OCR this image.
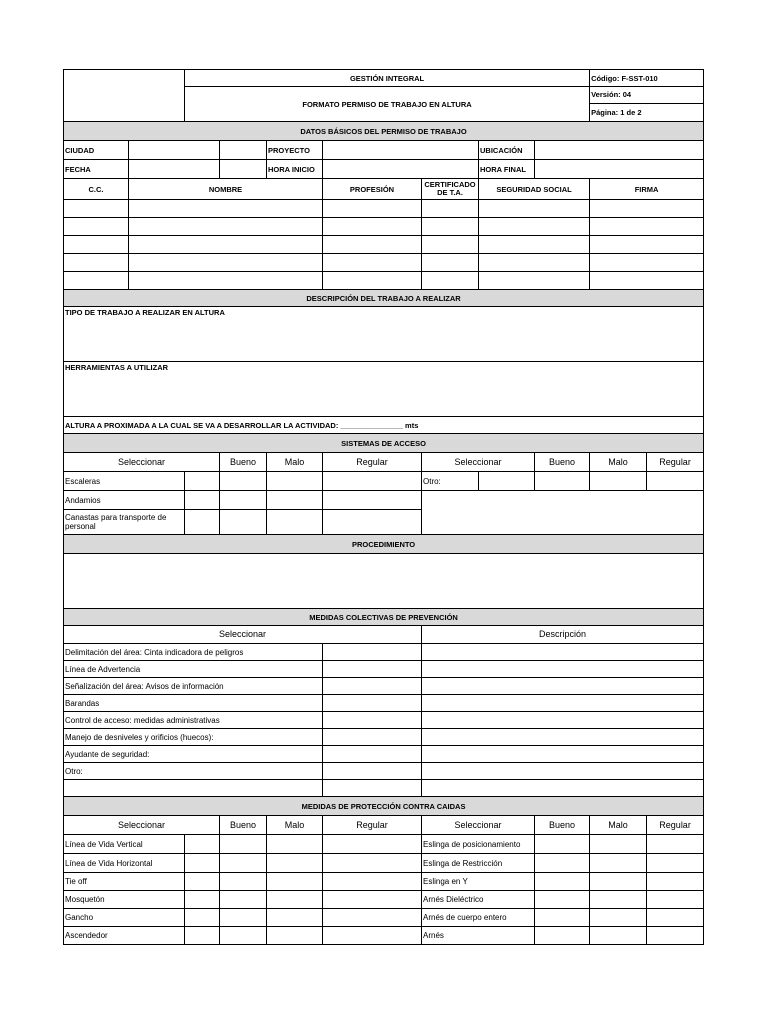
		GESTIÓN INTEGRAL							Código: F-SST-010	
		FORMATO PERMISO DE TRABAJO EN ALTURA							Versión: 04
Página: 1 de 2	

DATOS BÁSICOS DEL PERMISO DE TRABAJO										
CIUDAD				PROYECTO			UBICACIÓN			
FECHA				HORA INICIO			HORA FINAL			
C.C.	NOMBRE				PROFESIÓN	CERTIFICADO DE T.A.	SEGURIDAD SOCIAL		FIRMA	

DESCRIPCIÓN DEL TRABAJO A REALIZAR										
TIPO DE TRABAJO A REALIZAR EN ALTURA										
HERRAMIENTAS A UTILIZAR										
ALTURA A PROXIMADA A LA CUAL SE VA A DESARROLLAR LA ACTIVIDAD: _______________ mts										
SISTEMAS DE ACCESO										
Seleccionar			Bueno	Malo	Regular	Seleccionar		Bueno	Malo	Regular
Escaleras						Otro:				
Andamios										
Canastas para transporte de personal										
PROCEDIMIENTO										

MEDIDAS COLECTIVAS DE PREVENCIÓN										
Seleccionar						Descripción				
Delimitación del área: Cinta indicadora de peligros										
Línea de Advertencia										
Señalización del área: Avisos de información										
Barandas										
Control de acceso: medidas administrativas										
Manejo de desniveles y orificios (huecos):										
Ayudante de seguridad:										
Otro:										

MEDIDAS DE PROTECCIÓN CONTRA CAIDAS										
Seleccionar			Bueno	Malo	Regular	Seleccionar		Bueno	Malo	Regular
Línea de Vida Vertical						Eslinga de posicionamiento				
Línea de Vida Horizontal						Eslinga de Restricción				
Tie off						Eslinga en Y				
Mosquetón						Arnés Dieléctrico				
Gancho						Arnés de cuerpo entero				
Ascendedor						Arnés				
